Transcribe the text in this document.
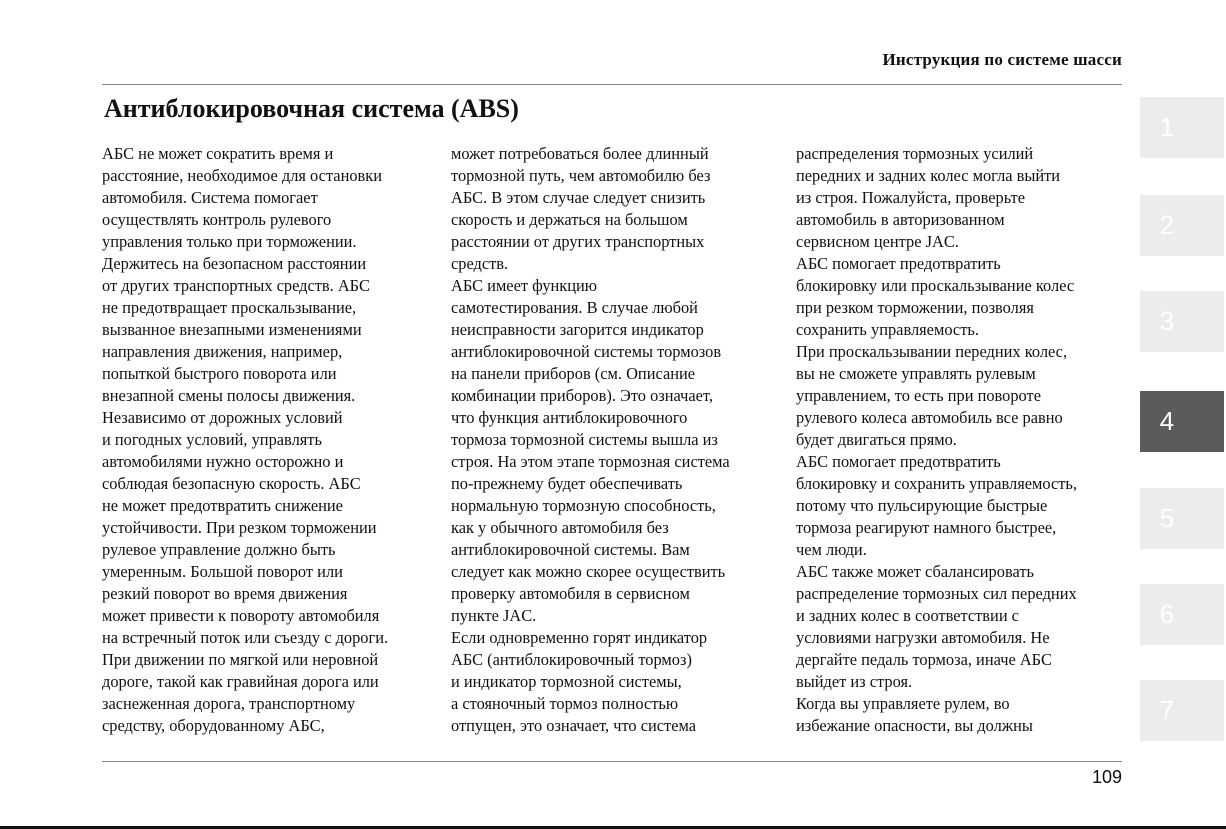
Инструкция по системе шасси
Антиблокировочная система (ABS)
АБС не может сократить время и
расстояние, необходимое для остановки
автомобиля. Система помогает
осуществлять контроль рулевого
управления только при торможении.
Держитесь на безопасном расстоянии
от других транспортных средств. АБС
не предотвращает проскальзывание,
вызванное внезапными изменениями
направления движения, например,
попыткой быстрого поворота или
внезапной смены полосы движения.
Независимо от дорожных условий
и погодных условий, управлять
автомобилями нужно осторожно и
соблюдая безопасную скорость. АБС
не может предотвратить снижение
устойчивости. При резком торможении
рулевое управление должно быть
умеренным. Большой поворот или
резкий поворот во время движения
может привести к повороту автомобиля
на встречный поток или съезду с дороги.
При движении по мягкой или неровной
дороге, такой как гравийная дорога или
заснеженная дорога, транспортному
средству, оборудованному АБС,
может потребоваться более длинный
тормозной путь, чем автомобилю без
АБС. В этом случае следует снизить
скорость и держаться на большом
расстоянии от других транспортных
средств.
АБС имеет функцию
самотестирования. В случае любой
неисправности загорится индикатор
антиблокировочной системы тормозов
на панели приборов (см. Описание
комбинации приборов). Это означает,
что функция антиблокировочного
тормоза тормозной системы вышла из
строя. На этом этапе тормозная система
по-прежнему будет обеспечивать
нормальную тормозную способность,
как у обычного автомобиля без
антиблокировочной системы. Вам
следует как можно скорее осуществить
проверку автомобиля в сервисном
пункте JAC.
Если одновременно горят индикатор
АБС (антиблокировочный тормоз)
и индикатор тормозной системы,
а стояночный тормоз полностью
отпущен, это означает, что система
распределения тормозных усилий
передних и задних колес могла выйти
из строя. Пожалуйста, проверьте
автомобиль в авторизованном
сервисном центре JAC.
АБС помогает предотвратить
блокировку или проскальзывание колес
при резком торможении, позволяя
сохранить управляемость.
При проскальзывании передних колес,
вы не сможете управлять рулевым
управлением, то есть при повороте
рулевого колеса автомобиль все равно
будет двигаться прямо.
АБС помогает предотвратить
блокировку и сохранить управляемость,
потому что пульсирующие быстрые
тормоза реагируют намного быстрее,
чем люди.
АБС также может сбалансировать
распределение тормозных сил передних
и задних колес в соответствии с
условиями нагрузки автомобиля. Не
дергайте педаль тормоза, иначе АБС
выйдет из строя.
Когда вы управляете рулем, во
избежание опасности, вы должны
109
1
2
3
4
5
6
7
